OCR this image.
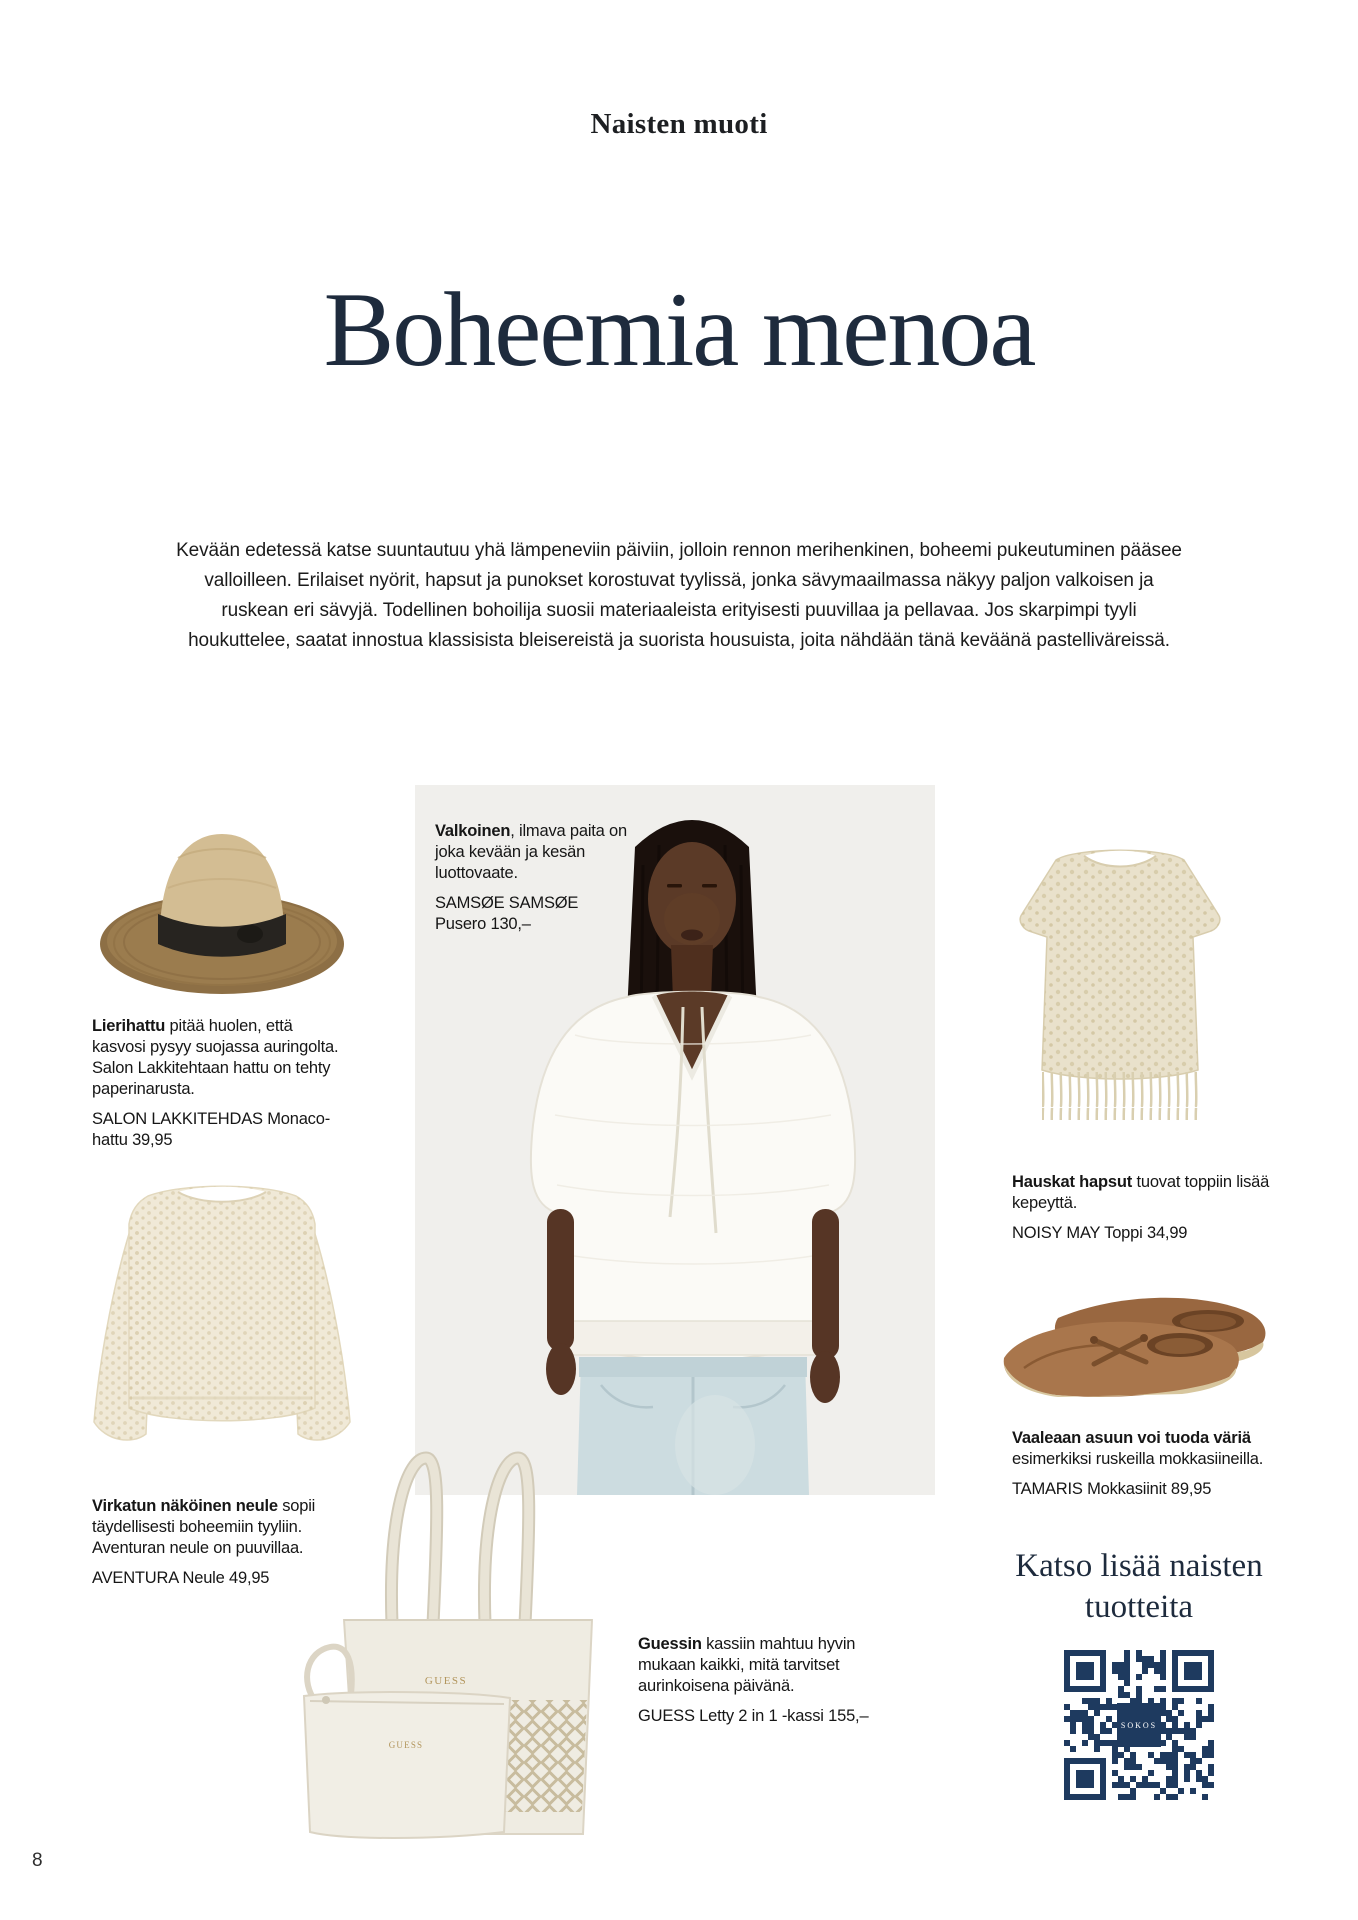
Naisten muoti
Boheemia menoa

Kevään edetessä katse suuntautuu yhä lämpeneviin päiviin, jolloin rennon merihenkinen, boheemi pukeutuminen pääsee valloilleen. Erilaiset nyörit, hapsut ja punokset korostuvat tyylissä, jonka sävymaailmassa näkyy paljon valkoisen ja ruskean eri sävyjä. Todellinen bohoilija suosii materiaaleista erityisesti puuvillaa ja pellavaa. Jos skarpimpi tyyli houkuttelee, saatat innostua klassisista bleisereistä ja suorista housuista, joita nähdään tänä keväänä pastelliväreissä.

Lierihattu pitää huolen, että kasvosi pysyy suojassa auringolta. Salon Lakkitehtaan hattu on tehty paperinarusta.

SALON LAKKITEHDAS Monaco-hattu 39,95

Valkoinen, ilmava paita on joka kevään ja kesän luottovaate.

SAMSØE SAMSØE
Pusero 130,–

Hauskat hapsut tuovat toppiin lisää kepeyttä.

NOISY MAY Toppi 34,99

Virkatun näköinen neule sopii täydellisesti boheemiin tyyliin. Aventuran neule on puuvillaa.

AVENTURA Neule 49,95

Vaaleaan asuun voi tuoda väriä esimerkiksi ruskeilla mokkasiineilla.

TAMARIS Mokkasiinit 89,95

GUESS
GUESS

Guessin kassiin mahtuu hyvin mukaan kaikki, mitä tarvitset aurinkoisena päivänä.

GUESS Letty 2 in 1 -kassi 155,–

Katso lisää naisten tuotteita
SOKOS
8
